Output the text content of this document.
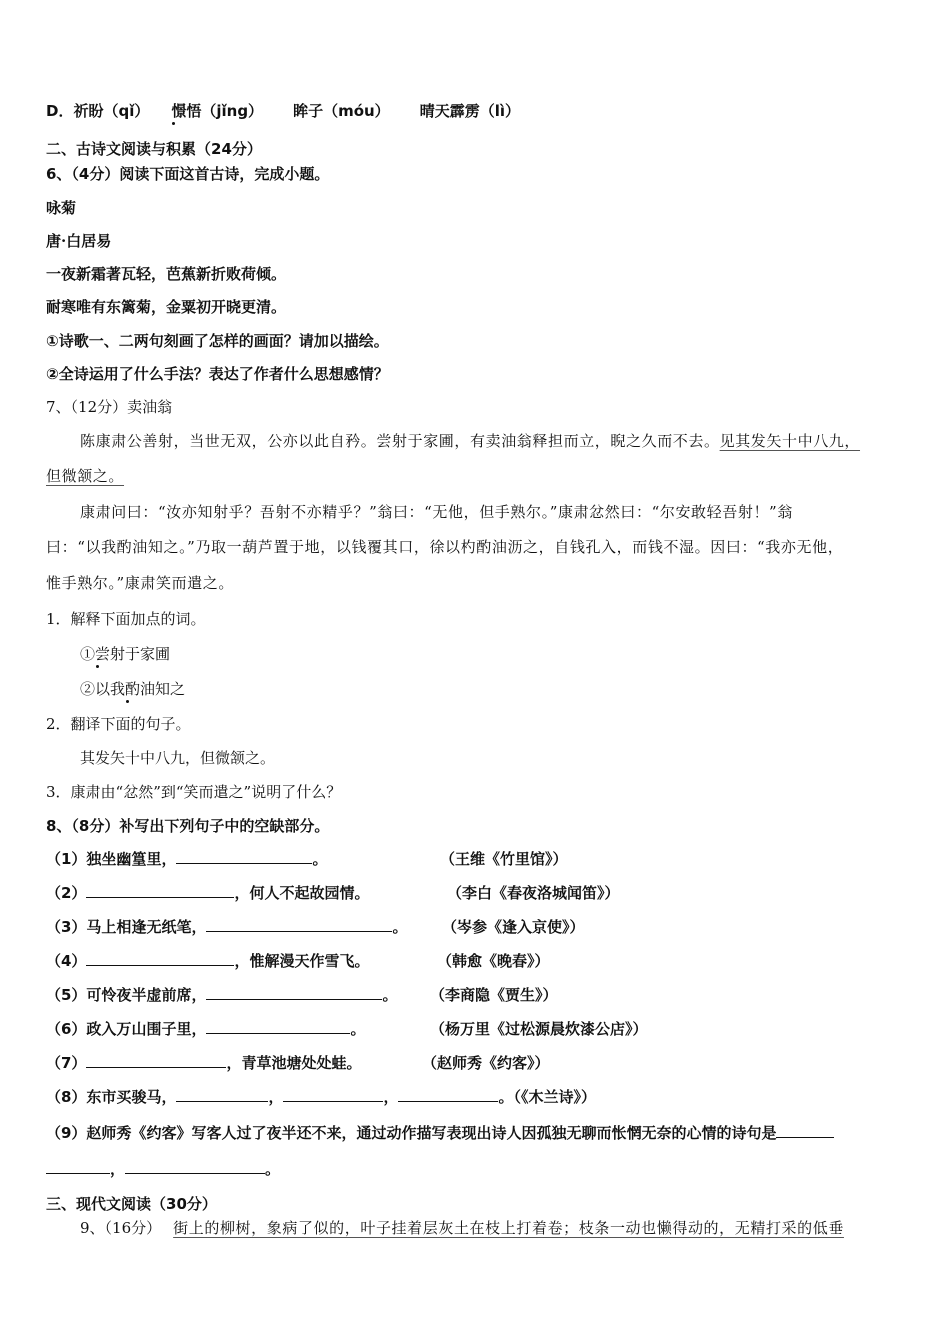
D．祈盼（qǐ） 憬悟（jǐng） 眸子（móu） 晴天霹雳（lì）
二、古诗文阅读与积累（24分）
6、（4分）阅读下面这首古诗，完成小题。
咏菊
唐·白居易
一夜新霜著瓦轻，芭蕉新折败荷倾。
耐寒唯有东篱菊，金粟初开晓更清。
①诗歌一、二两句刻画了怎样的画面？请加以描绘。
②全诗运用了什么手法？表达了作者什么思想感情？
7、（12分）卖油翁
陈康肃公善射，当世无双，公亦以此自矜。尝射于家圃，有卖油翁释担而立，睨之久而不去。见其发矢十中八九，
但微颔之。
康肃问曰：“汝亦知射乎？吾射不亦精乎？”翁曰：“无他，但手熟尔。”康肃忿然曰：“尔安敢轻吾射！”翁
曰：“以我酌油知之。”乃取一葫芦置于地，以钱覆其口，徐以杓酌油沥之，自钱孔入，而钱不湿。因曰：“我亦无他，
惟手熟尔。”康肃笑而遣之。
1．解释下面加点的词。
①尝射于家圃
②以我酌油知之
2．翻译下面的句子。
其发矢十中八九，但微颔之。
3．康肃由“忿然”到“笑而遣之”说明了什么？
8、（8分）补写出下列句子中的空缺部分。
（1）独坐幽篁里，	。	（王维《竹里馆》）
（2）	，何人不起故园情。	（李白《春夜洛城闻笛》）
（3）马上相逢无纸笔，	。 （岑参《逢入京使》）
（4）	，惟解漫天作雪飞。	（韩愈《晚春》）
（5）可怜夜半虚前席，	。 （李商隐《贾生》）
（6）政入万山围子里，	。	（杨万里《过松源晨炊漆公店》）
（7）	，青草池塘处处蛙。	（赵师秀《约客》）
（8）东市买骏马，	，	，	。（《木兰诗》）
（9）赵师秀《约客》写客人过了夜半还不来，通过动作描写表现出诗人因孤独无聊而怅惘无奈的心情的诗句是
，	。
三、现代文阅读（30分）
9、（16分） 街上的柳树，象病了似的，叶子挂着层灰土在枝上打着卷；枝条一动也懒得动的，无精打采的低垂
